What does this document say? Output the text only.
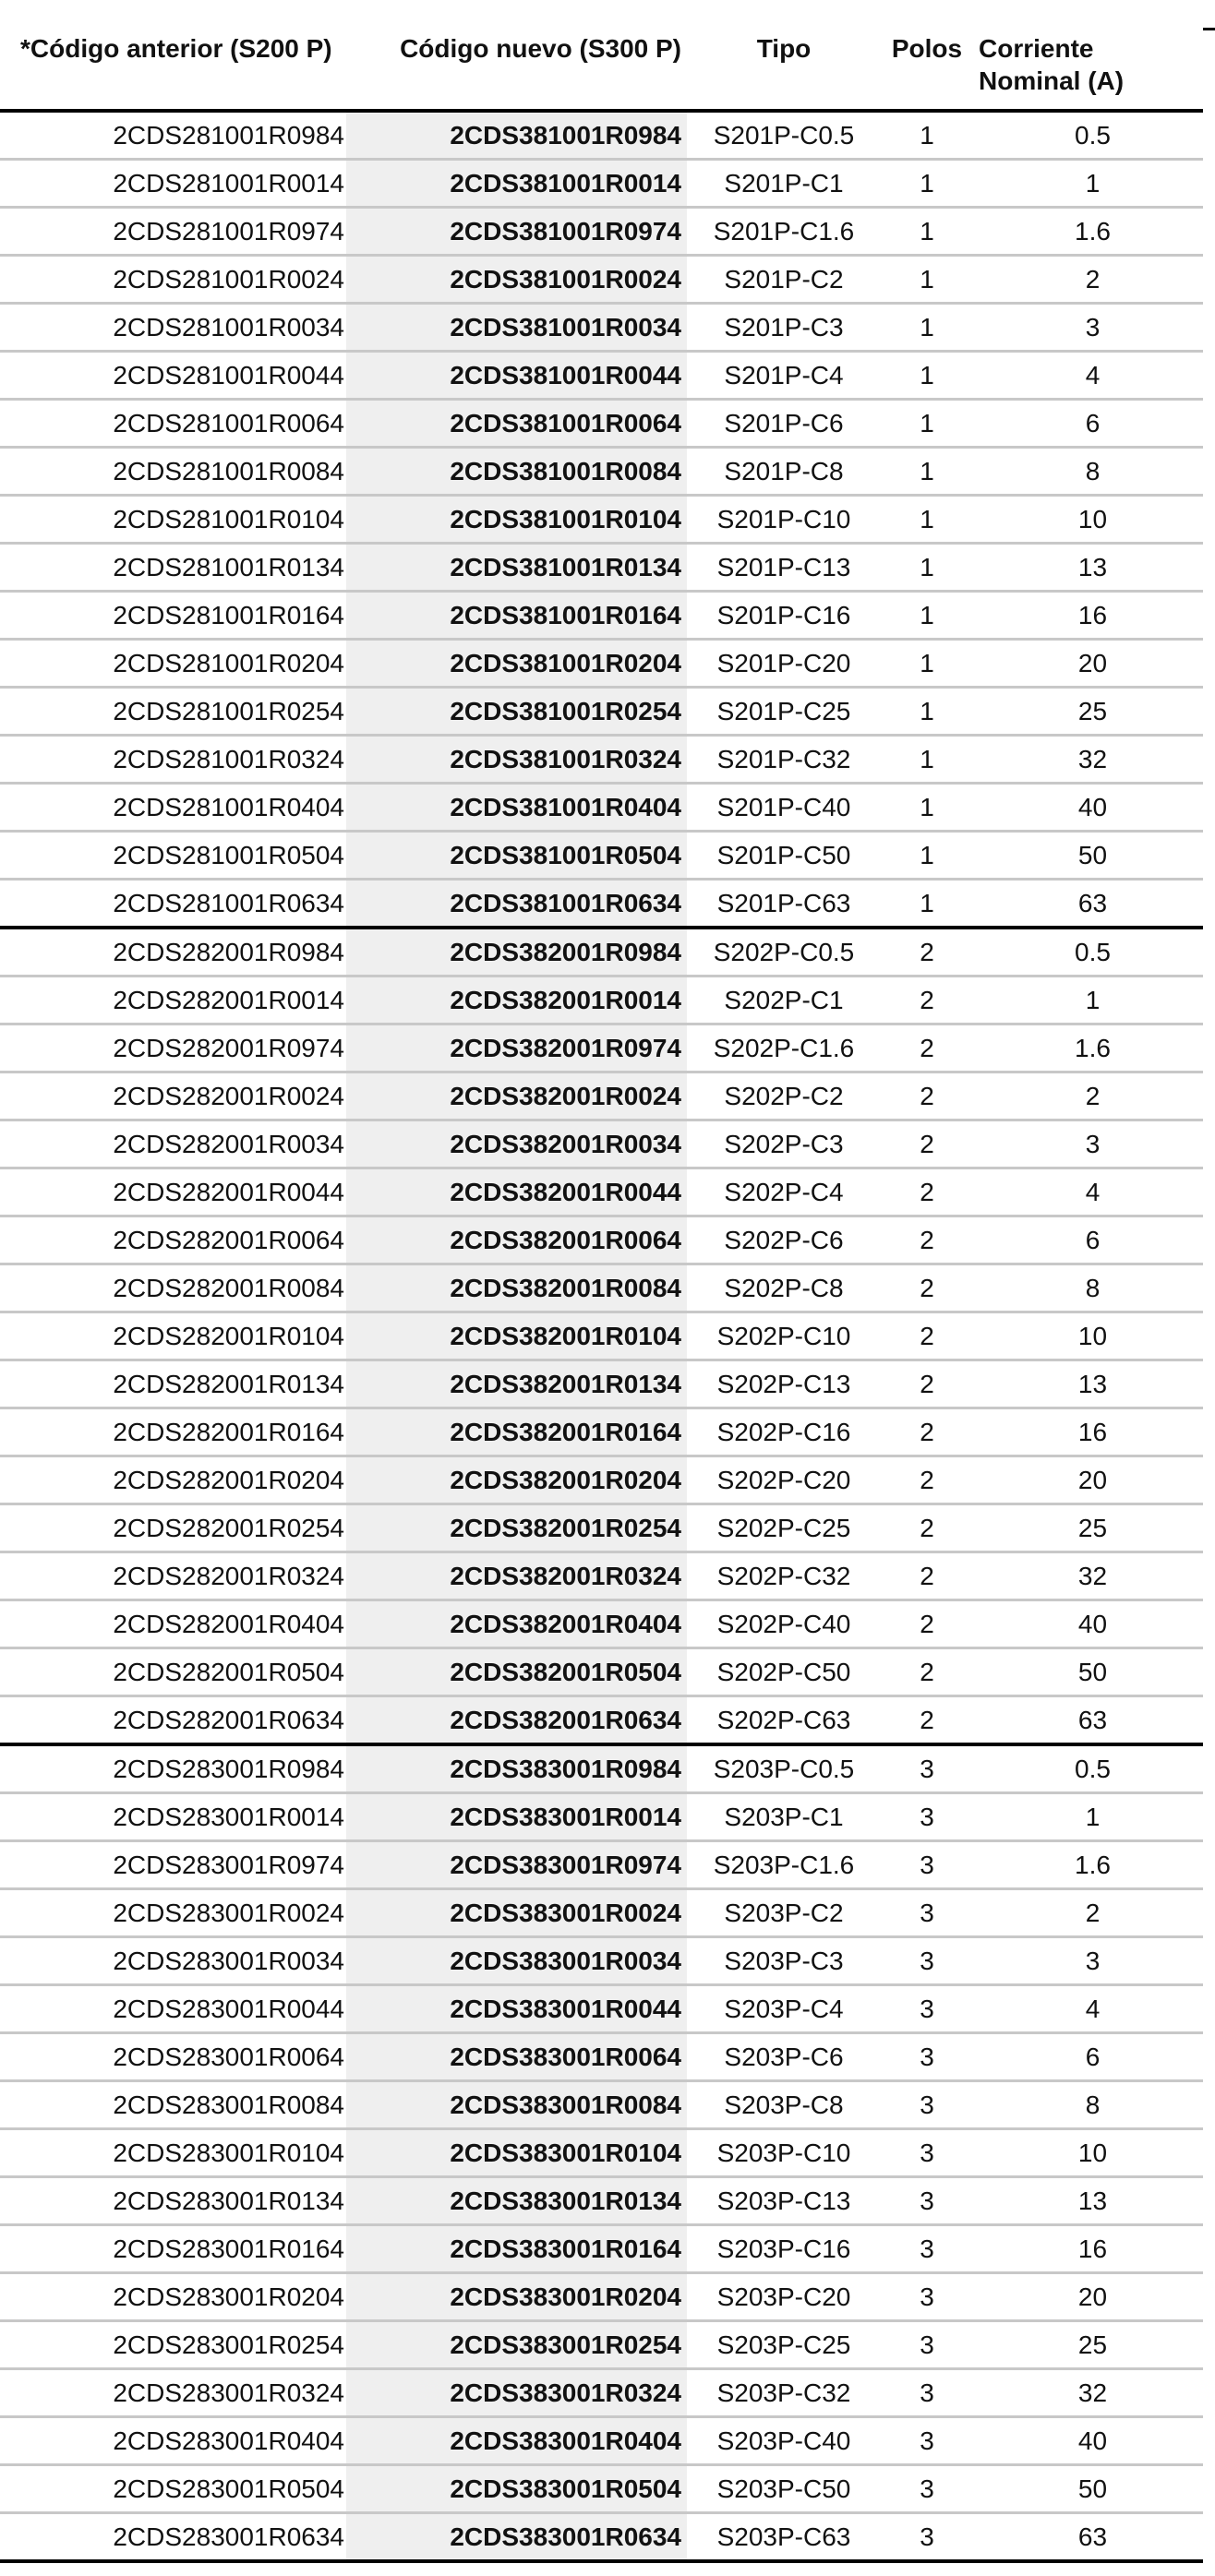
*Código anterior (S200 P)	Código nuevo (S300 P)	Tipo	Polos	Corriente
Nominal (A)
2CDS281001R0984	2CDS381001R0984	S201P-C0.5	1	0.5
2CDS281001R0014	2CDS381001R0014	S201P-C1	1	1
2CDS281001R0974	2CDS381001R0974	S201P-C1.6	1	1.6
2CDS281001R0024	2CDS381001R0024	S201P-C2	1	2
2CDS281001R0034	2CDS381001R0034	S201P-C3	1	3
2CDS281001R0044	2CDS381001R0044	S201P-C4	1	4
2CDS281001R0064	2CDS381001R0064	S201P-C6	1	6
2CDS281001R0084	2CDS381001R0084	S201P-C8	1	8
2CDS281001R0104	2CDS381001R0104	S201P-C10	1	10
2CDS281001R0134	2CDS381001R0134	S201P-C13	1	13
2CDS281001R0164	2CDS381001R0164	S201P-C16	1	16
2CDS281001R0204	2CDS381001R0204	S201P-C20	1	20
2CDS281001R0254	2CDS381001R0254	S201P-C25	1	25
2CDS281001R0324	2CDS381001R0324	S201P-C32	1	32
2CDS281001R0404	2CDS381001R0404	S201P-C40	1	40
2CDS281001R0504	2CDS381001R0504	S201P-C50	1	50
2CDS281001R0634	2CDS381001R0634	S201P-C63	1	63
2CDS282001R0984	2CDS382001R0984	S202P-C0.5	2	0.5
2CDS282001R0014	2CDS382001R0014	S202P-C1	2	1
2CDS282001R0974	2CDS382001R0974	S202P-C1.6	2	1.6
2CDS282001R0024	2CDS382001R0024	S202P-C2	2	2
2CDS282001R0034	2CDS382001R0034	S202P-C3	2	3
2CDS282001R0044	2CDS382001R0044	S202P-C4	2	4
2CDS282001R0064	2CDS382001R0064	S202P-C6	2	6
2CDS282001R0084	2CDS382001R0084	S202P-C8	2	8
2CDS282001R0104	2CDS382001R0104	S202P-C10	2	10
2CDS282001R0134	2CDS382001R0134	S202P-C13	2	13
2CDS282001R0164	2CDS382001R0164	S202P-C16	2	16
2CDS282001R0204	2CDS382001R0204	S202P-C20	2	20
2CDS282001R0254	2CDS382001R0254	S202P-C25	2	25
2CDS282001R0324	2CDS382001R0324	S202P-C32	2	32
2CDS282001R0404	2CDS382001R0404	S202P-C40	2	40
2CDS282001R0504	2CDS382001R0504	S202P-C50	2	50
2CDS282001R0634	2CDS382001R0634	S202P-C63	2	63
2CDS283001R0984	2CDS383001R0984	S203P-C0.5	3	0.5
2CDS283001R0014	2CDS383001R0014	S203P-C1	3	1
2CDS283001R0974	2CDS383001R0974	S203P-C1.6	3	1.6
2CDS283001R0024	2CDS383001R0024	S203P-C2	3	2
2CDS283001R0034	2CDS383001R0034	S203P-C3	3	3
2CDS283001R0044	2CDS383001R0044	S203P-C4	3	4
2CDS283001R0064	2CDS383001R0064	S203P-C6	3	6
2CDS283001R0084	2CDS383001R0084	S203P-C8	3	8
2CDS283001R0104	2CDS383001R0104	S203P-C10	3	10
2CDS283001R0134	2CDS383001R0134	S203P-C13	3	13
2CDS283001R0164	2CDS383001R0164	S203P-C16	3	16
2CDS283001R0204	2CDS383001R0204	S203P-C20	3	20
2CDS283001R0254	2CDS383001R0254	S203P-C25	3	25
2CDS283001R0324	2CDS383001R0324	S203P-C32	3	32
2CDS283001R0404	2CDS383001R0404	S203P-C40	3	40
2CDS283001R0504	2CDS383001R0504	S203P-C50	3	50
2CDS283001R0634	2CDS383001R0634	S203P-C63	3	63
